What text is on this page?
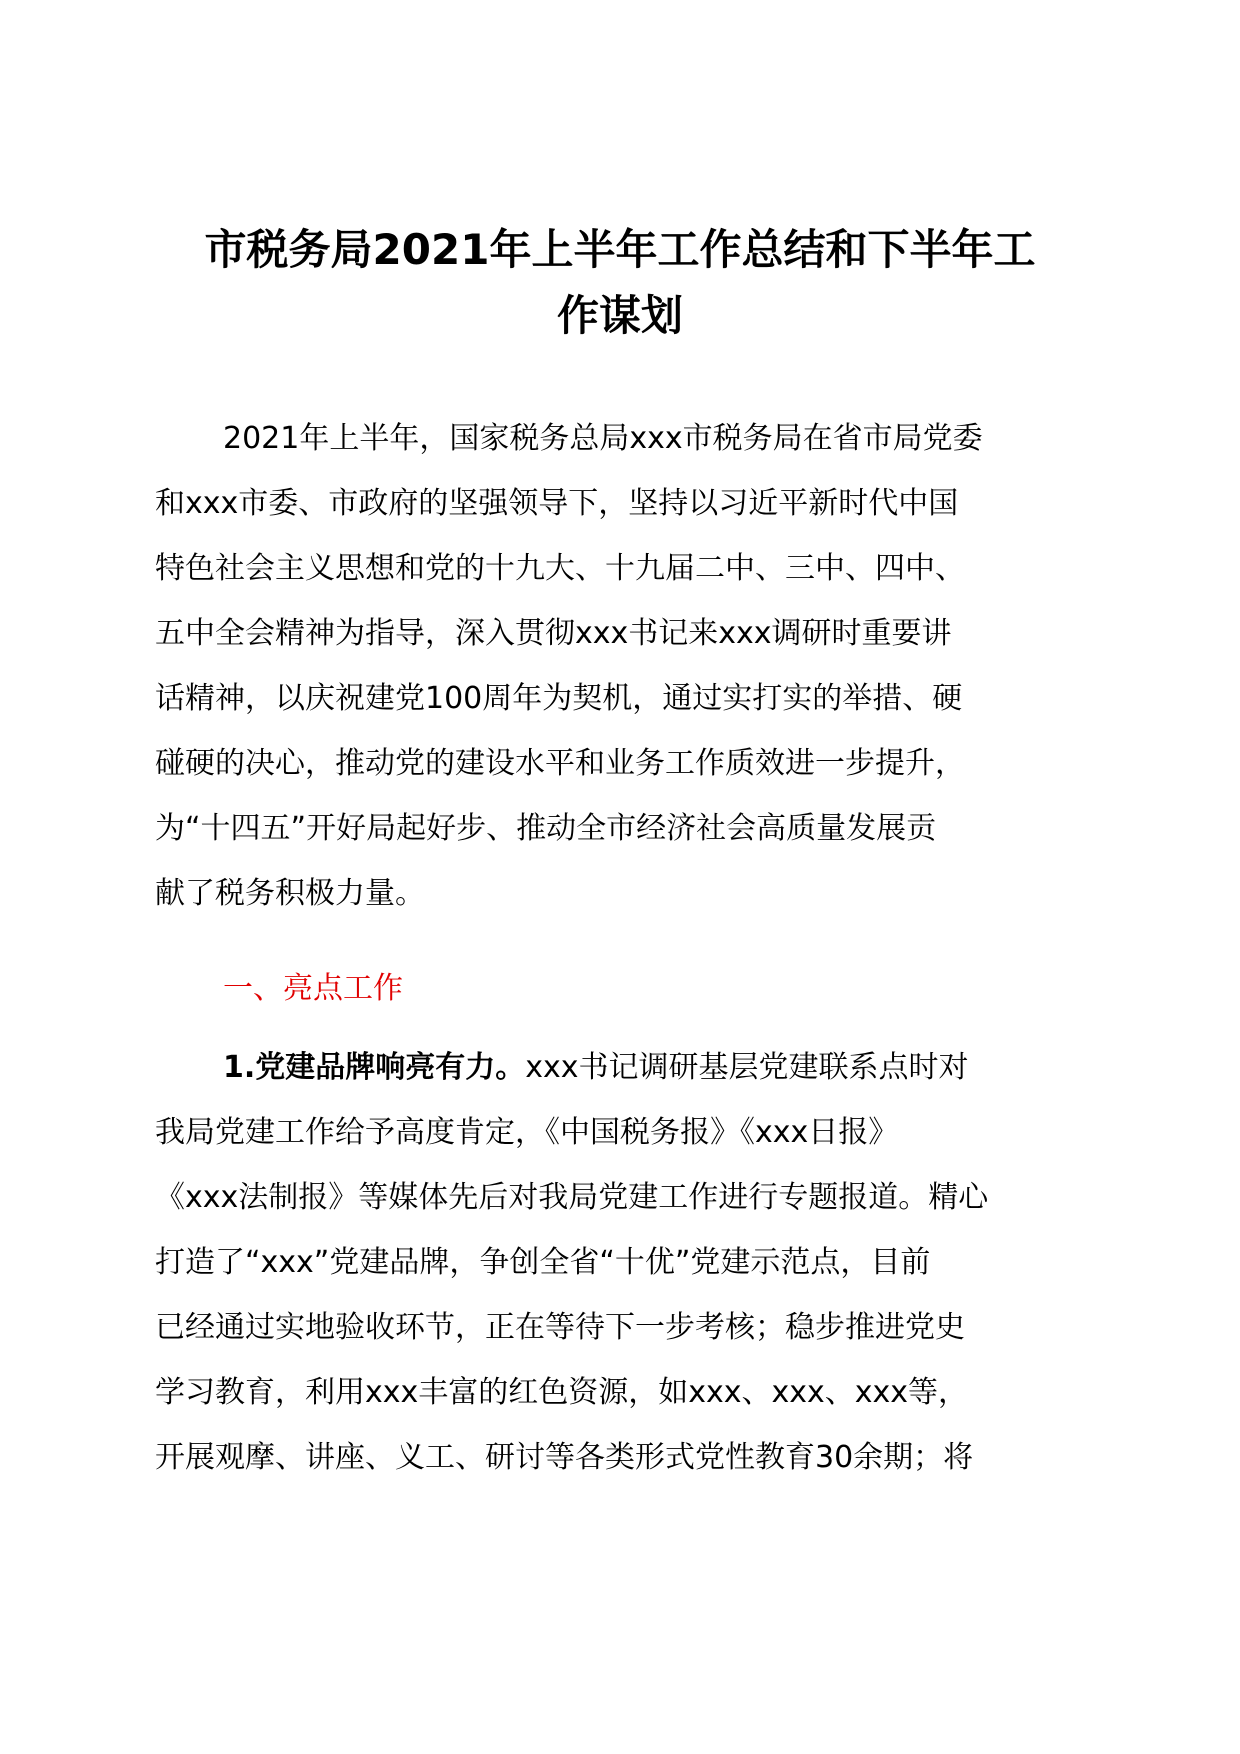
市税务局2021年上半年工作总结和下半年工
作谋划
2021年上半年，国家税务总局xxx市税务局在省市局党委
和xxx市委、市政府的坚强领导下，坚持以习近平新时代中国
特色社会主义思想和党的十九大、十九届二中、三中、四中、
五中全会精神为指导，深入贯彻xxx书记来xxx调研时重要讲
话精神，以庆祝建党100周年为契机，通过实打实的举措、硬
碰硬的决心，推动党的建设水平和业务工作质效进一步提升，
为“十四五”开好局起好步、推动全市经济社会高质量发展贡
献了税务积极力量。
一、亮点工作
1.党建品牌响亮有力。xxx书记调研基层党建联系点时对
我局党建工作给予高度肯定，《中国税务报》《xxx日报》
《xxx法制报》等媒体先后对我局党建工作进行专题报道。精心
打造了“xxx”党建品牌，争创全省“十优”党建示范点，目前
已经通过实地验收环节，正在等待下一步考核；稳步推进党史
学习教育，利用xxx丰富的红色资源，如xxx、xxx、xxx等，
开展观摩、讲座、义工、研讨等各类形式党性教育30余期；将
